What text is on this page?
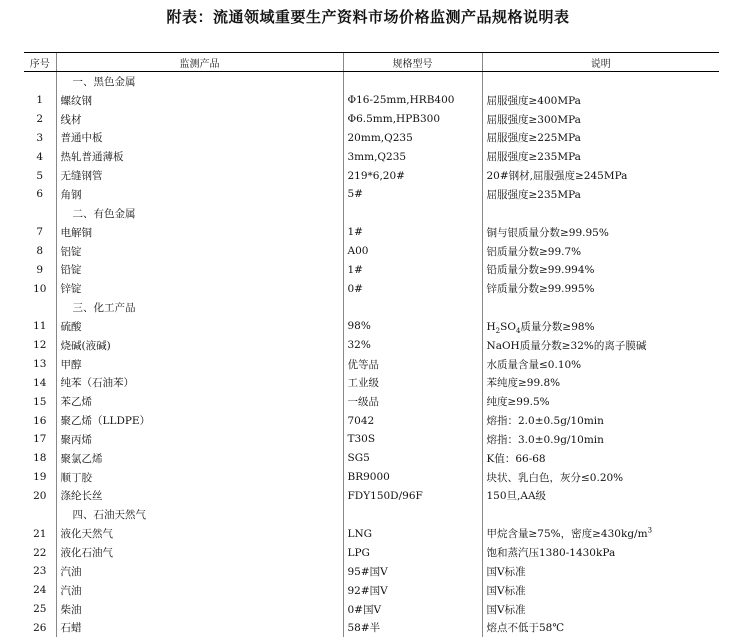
附表：流通领域重要生产资料市场价格监测产品规格说明表
序号	监测产品	规格型号	说明
	一、黑色金属		
1	螺纹钢	Φ16-25mm,HRB400	屈服强度≥400MPa
2	线材	Φ6.5mm,HPB300	屈服强度≥300MPa
3	普通中板	20mm,Q235	屈服强度≥225MPa
4	热轧普通薄板	3mm,Q235	屈服强度≥235MPa
5	无缝钢管	219*6,20#	20#钢材,屈服强度≥245MPa
6	角钢	5#	屈服强度≥235MPa
	二、有色金属		
7	电解铜	1#	铜与银质量分数≥99.95%
8	铝锭	A00	铝质量分数≥99.7%
9	铅锭	1#	铅质量分数≥99.994%
10	锌锭	0#	锌质量分数≥99.995%
	三、化工产品		
11	硫酸	98%	$H_2SO_4$质量分数≥98%
12	烧碱(液碱)	32%	NaOH质量分数≥32%的离子膜碱
13	甲醇	优等品	水质量含量≤0.10%
14	纯苯（石油苯）	工业级	苯纯度≥99.8%
15	苯乙烯	一级品	纯度≥99.5%
16	聚乙烯（LLDPE）	7042	熔指：2.0±0.5g/10min
17	聚丙烯	T30S	熔指：3.0±0.9g/10min
18	聚氯乙烯	SG5	K值：66-68
19	顺丁胶	BR9000	块状、乳白色，灰分≤0.20%
20	涤纶长丝	FDY150D/96F	150旦,AA级
	四、石油天然气		
21	液化天然气	LNG	甲烷含量≥75%，密度$\ge 430kg/m^3$
22	液化石油气	LPG	饱和蒸汽压1380-1430kPa
23	汽油	95#国Ⅴ	国Ⅴ标准
24	汽油	92#国Ⅴ	国Ⅴ标准
25	柴油	0#国Ⅴ	国Ⅴ标准
26	石蜡	58#半	熔点不低于58℃
